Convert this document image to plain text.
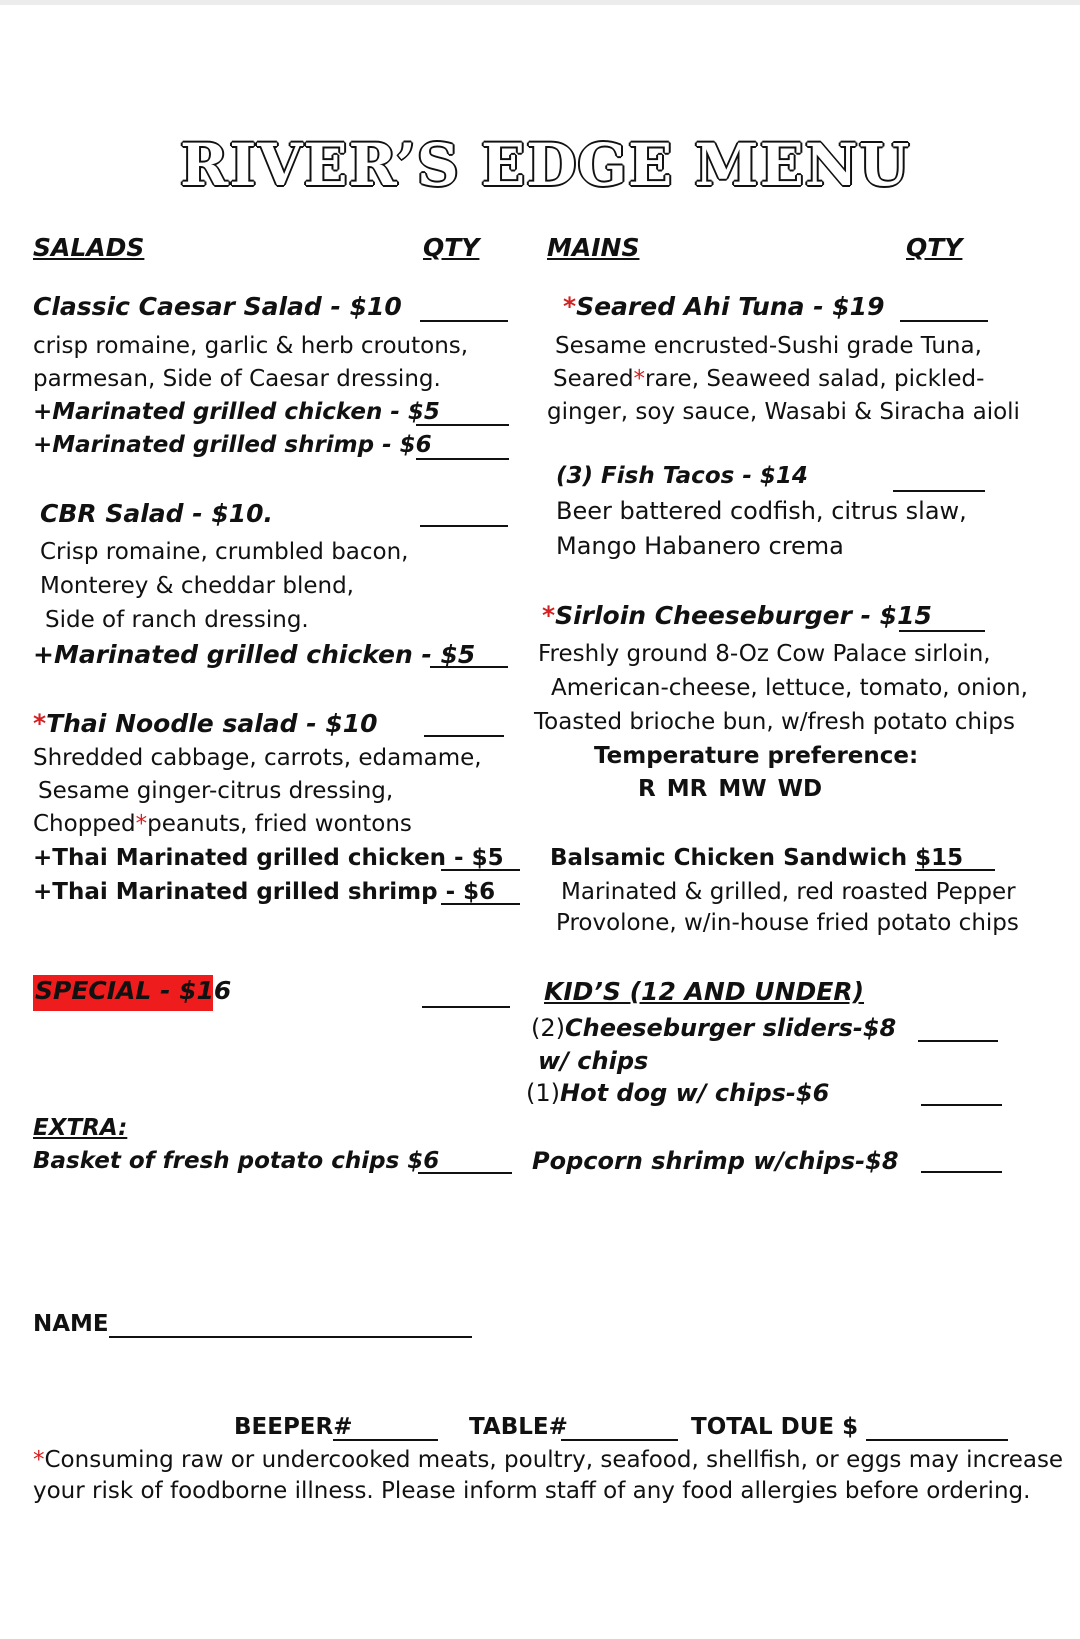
RIVER’S EDGE MENU
SALADS	QTY
Classic Caesar Salad - $10
crisp romaine, garlic & herb croutons,
parmesan, Side of Caesar dressing.
+Marinated grilled chicken - $5
+Marinated grilled shrimp - $6
CBR Salad - $10.
Crisp romaine, crumbled bacon,
Monterey & cheddar blend,
Side of ranch dressing.
+Marinated grilled chicken - $5
*Thai Noodle salad - $10
Shredded cabbage, carrots, edamame,
Sesame ginger-citrus dressing,
Chopped*peanuts, fried wontons
+Thai Marinated grilled chicken - $5
+Thai Marinated grilled shrimp - $6
SPECIAL - $16
EXTRA:
Basket of fresh potato chips $6
MAINS	QTY
*Seared Ahi Tuna - $19
Sesame encrusted-Sushi grade Tuna,
Seared*rare, Seaweed salad, pickled-
ginger, soy sauce, Wasabi & Siracha aioli
(3) Fish Tacos - $14
Beer battered codfish, citrus slaw,
Mango Habanero crema
*Sirloin Cheeseburger - $15
Freshly ground 8-Oz Cow Palace sirloin,
American-cheese, lettuce, tomato, onion,
Toasted brioche bun, w/fresh potato chips
Temperature preference:
R MR MW WD
Balsamic Chicken Sandwich $15
Marinated & grilled, red roasted Pepper
Provolone, w/in-house fried potato chips
KID’S (12 AND UNDER)
(2)Cheeseburger sliders-$8
w/ chips
(1)Hot dog w/ chips-$6
Popcorn shrimp w/chips-$8
NAME
BEEPER#	TABLE#	TOTAL DUE $
*Consuming raw or undercooked meats, poultry, seafood, shellfish, or eggs may increase
your risk of foodborne illness. Please inform staff of any food allergies before ordering.
